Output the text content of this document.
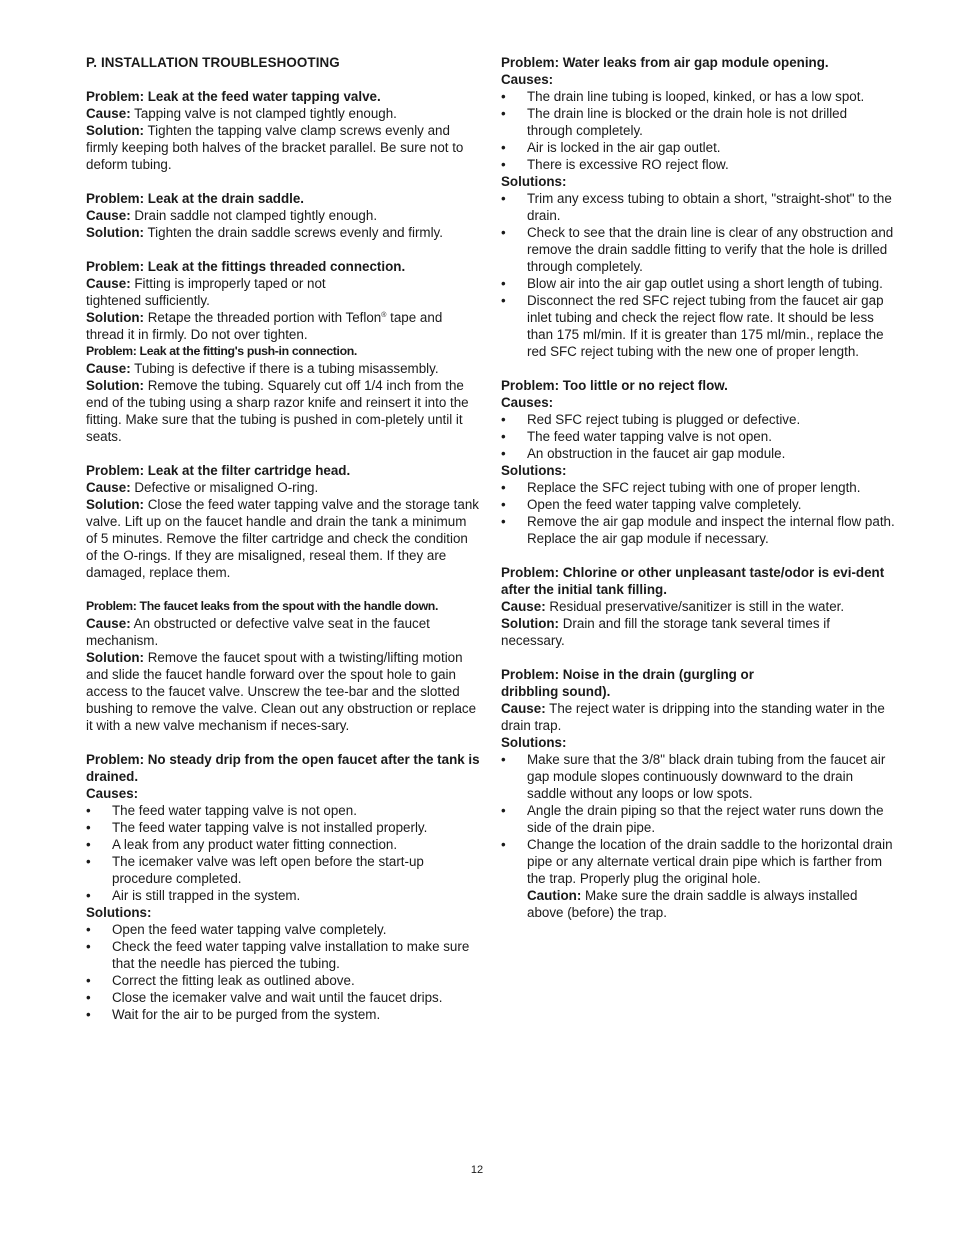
P. INSTALLATION TROUBLESHOOTING
Problem: Leak at the feed water tapping valve.
Cause: Tapping valve is not clamped tightly enough.
Solution: Tighten the tapping valve clamp screws evenly and firmly keeping both halves of the bracket parallel. Be sure not to deform tubing.
Problem: Leak at the drain saddle.
Cause: Drain saddle not clamped tightly enough.
Solution: Tighten the drain saddle screws evenly and firmly.
Problem: Leak at the fittings threaded connection.
Cause: Fitting is improperly taped or not
tightened sufficiently.
Solution: Retape the threaded portion with Teflon® tape and thread it in firmly. Do not over tighten.
Problem: Leak at the fitting's push-in connection.
Cause: Tubing is defective if there is a tubing misassembly.
Solution: Remove the tubing. Squarely cut off 1/4 inch from the end of the tubing using a sharp razor knife and reinsert it into the fitting. Make sure that the tubing is pushed in com-pletely until it seats.
Problem: Leak at the filter cartridge head.
Cause: Defective or misaligned O-ring.
Solution: Close the feed water tapping valve and the storage tank valve. Lift up on the faucet handle and drain the tank a minimum of 5 minutes. Remove the filter cartridge and check the condition of the O-rings. If they are misaligned, reseal them. If they are damaged, replace them.
Problem: The faucet leaks from the spout with the handle down.
Cause: An obstructed or defective valve seat in the faucet mechanism.
Solution: Remove the faucet spout with a twisting/lifting motion and slide the faucet handle forward over the spout hole to gain access to the faucet valve. Unscrew the tee-bar and the slotted bushing to remove the valve. Clean out any obstruction or replace it with a new valve mechanism if neces-sary.
Problem: No steady drip from the open faucet after the tank is drained.
Causes:
• The feed water tapping valve is not open.
• The feed water tapping valve is not installed properly.
• A leak from any product water fitting connection.
• The icemaker valve was left open before the start-up procedure completed.
• Air is still trapped in the system.
Solutions:
• Open the feed water tapping valve completely.
• Check the feed water tapping valve installation to make sure that the needle has pierced the tubing.
• Correct the fitting leak as outlined above.
• Close the icemaker valve and wait until the faucet drips.
• Wait for the air to be purged from the system.
Problem: Water leaks from air gap module opening.
Causes:
• The drain line tubing is looped, kinked, or has a low spot.
• The drain line is blocked or the drain hole is not drilled through completely.
• Air is locked in the air gap outlet.
• There is excessive RO reject flow.
Solutions:
• Trim any excess tubing to obtain a short, "straight-shot" to the drain.
• Check to see that the drain line is clear of any obstruction and remove the drain saddle fitting to verify that the hole is drilled through completely.
• Blow air into the air gap outlet using a short length of tubing.
• Disconnect the red SFC reject tubing from the faucet air gap inlet tubing and check the reject flow rate. It should be less than 175 ml/min. If it is greater than 175 ml/min., replace the red SFC reject tubing with the new one of proper length.
Problem: Too little or no reject flow.
Causes:
• Red SFC reject tubing is plugged or defective.
• The feed water tapping valve is not open.
• An obstruction in the faucet air gap module.
Solutions:
• Replace the SFC reject tubing with one of proper length.
• Open the feed water tapping valve completely.
• Remove the air gap module and inspect the internal flow path. Replace the air gap module if necessary.
Problem: Chlorine or other unpleasant taste/odor is evi-dent after the initial tank filling.
Cause: Residual preservative/sanitizer is still in the water.
Solution: Drain and fill the storage tank several times if necessary.
Problem: Noise in the drain (gurgling or
dribbling sound).
Cause: The reject water is dripping into the standing water in the drain trap.
Solutions:
• Make sure that the 3/8" black drain tubing from the faucet air gap module slopes continuously downward to the drain saddle without any loops or low spots.
• Angle the drain piping so that the reject water runs down the side of the drain pipe.
• Change the location of the drain saddle to the horizontal drain pipe or any alternate vertical drain pipe which is farther from the trap. Properly plug the original hole.
Caution: Make sure the drain saddle is always installed above (before) the trap.
12
